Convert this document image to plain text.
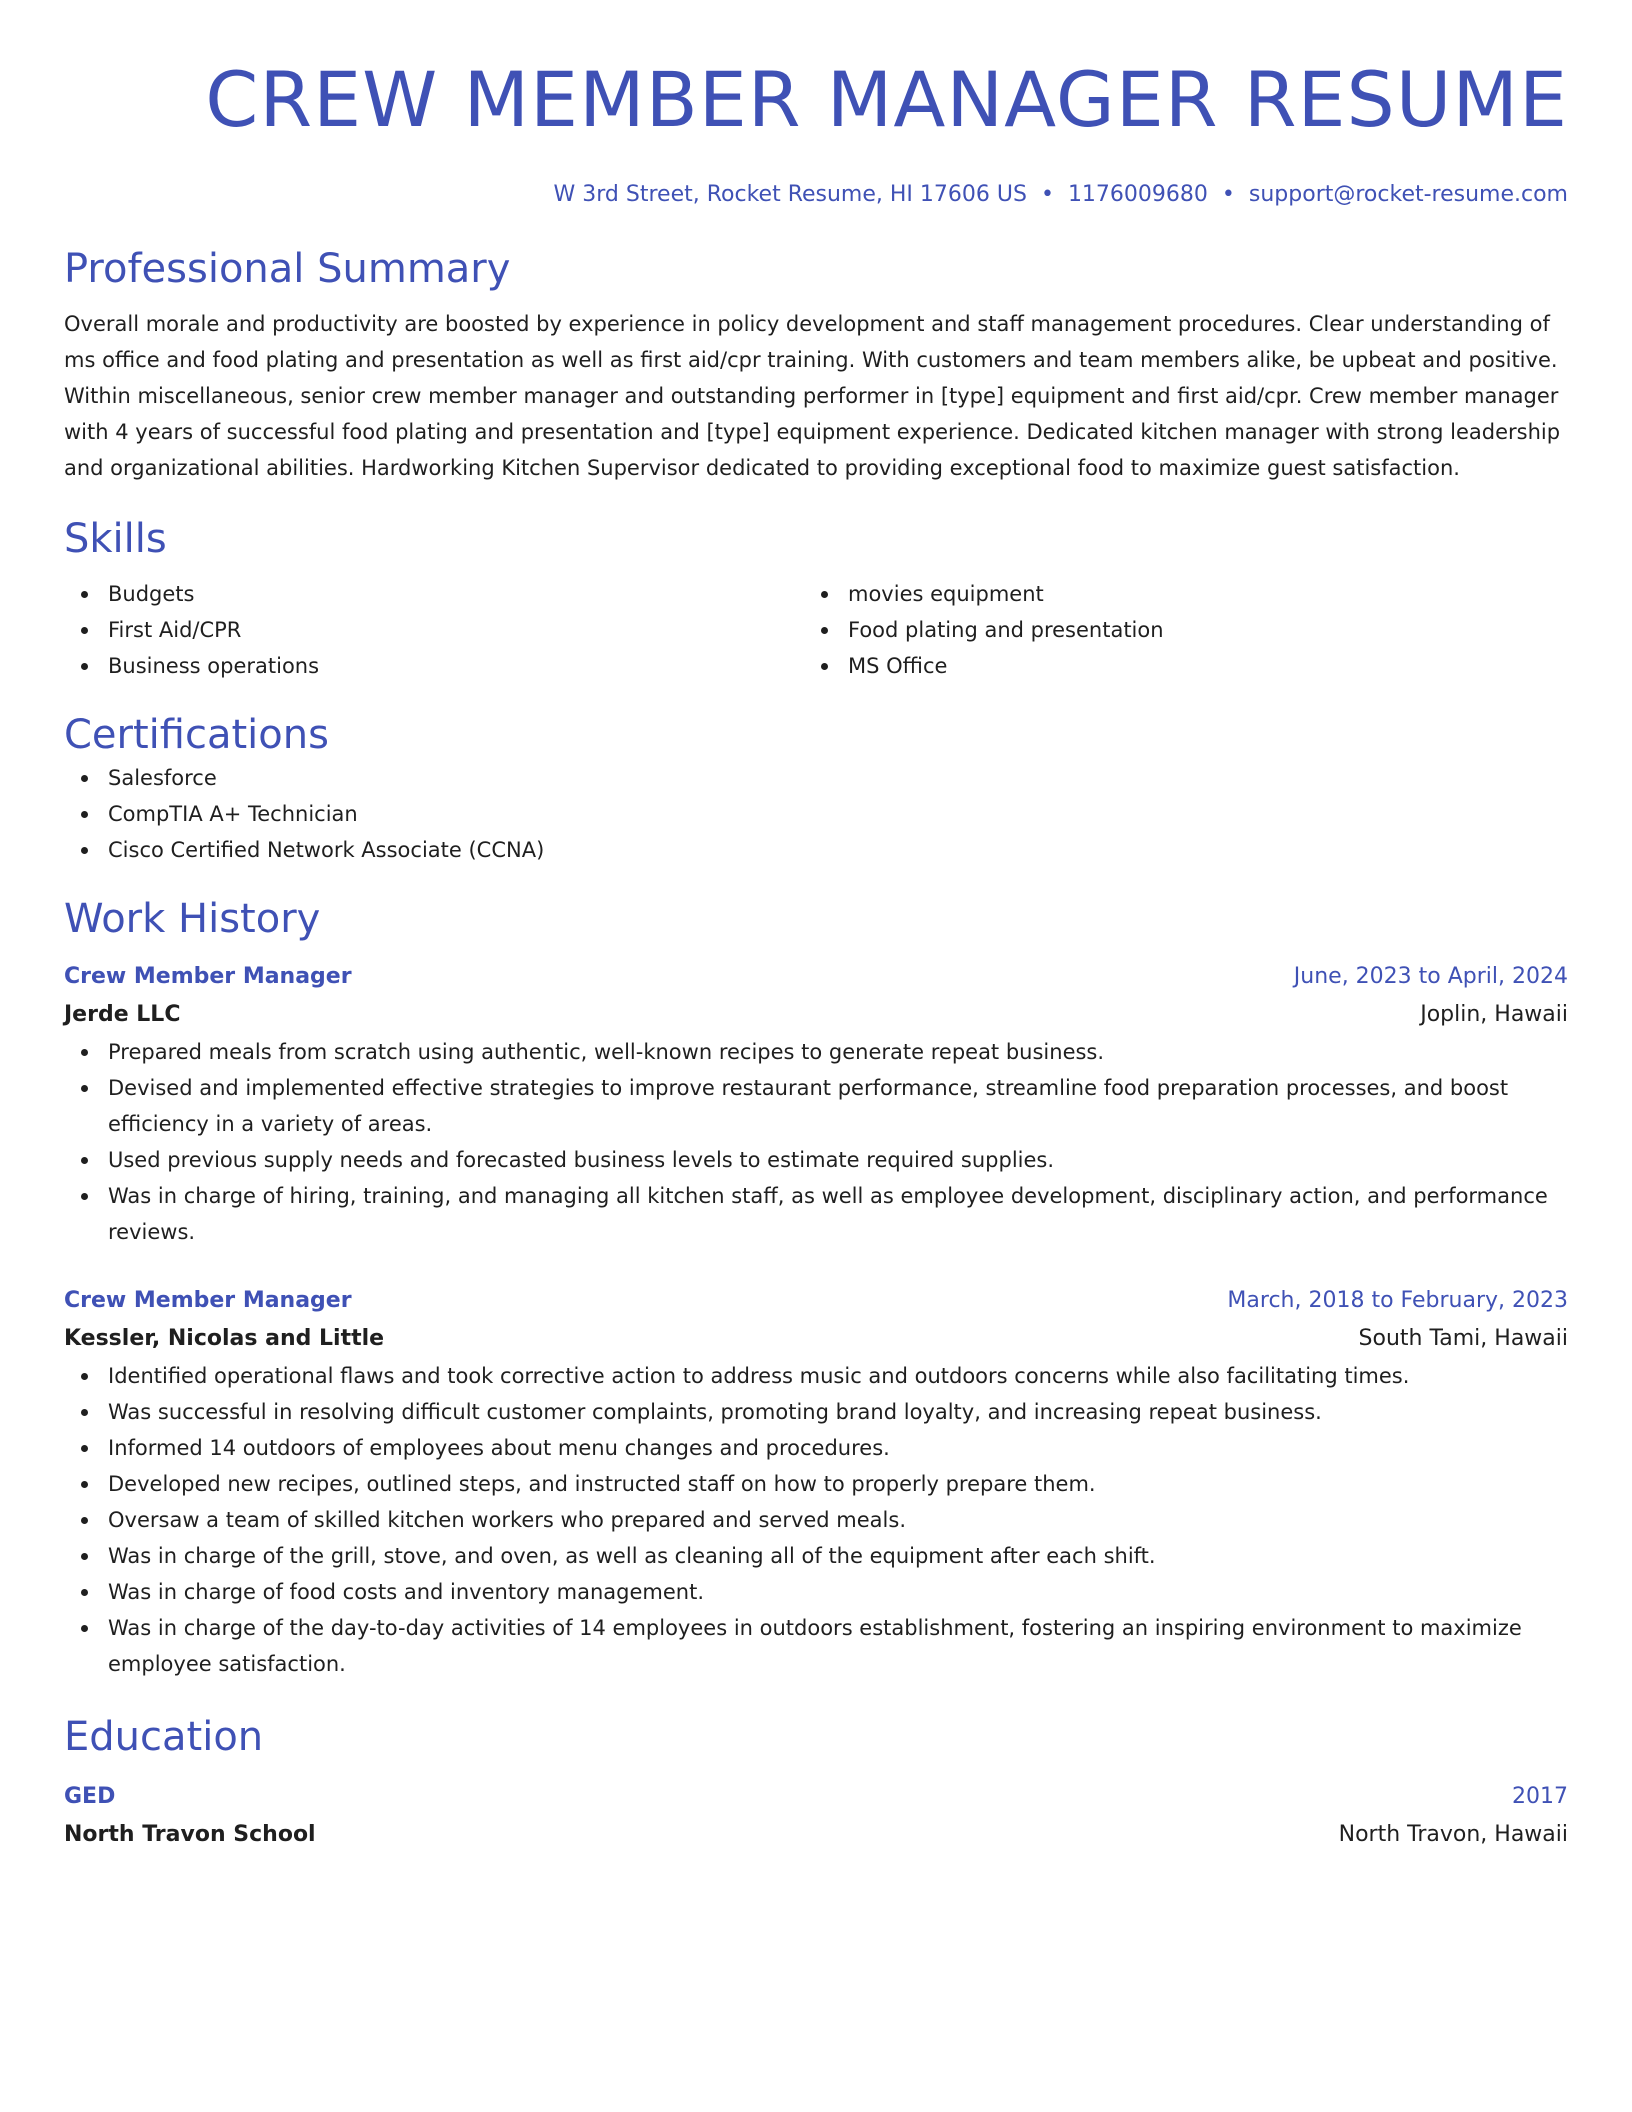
CREW MEMBER MANAGER RESUME
W 3rd Street, Rocket Resume, HI 17606 US • 1176009680 • support@rocket-resume.com
Professional Summary

Overall morale and productivity are boosted by experience in policy development and staff management procedures. Clear understanding of ms office and food plating and presentation as well as first aid/cpr training. With customers and team members alike, be upbeat and positive. Within miscellaneous, senior crew member manager and outstanding performer in [type] equipment and first aid/cpr. Crew member manager with 4 years of successful food plating and presentation and [type] equipment experience. Dedicated kitchen manager with strong leadership and organizational abilities. Hardworking Kitchen Supervisor dedicated to providing exceptional food to maximize guest satisfaction.

Skills
Budgets
First Aid/CPR
Business operations
movies equipment
Food plating and presentation
MS Office
Certifications
Salesforce
CompTIA A+ Technician
Cisco Certified Network Associate (CCNA)
Work History
Crew Member Manager	June, 2023 to April, 2024
Jerde LLC	Joplin, Hawaii
Prepared meals from scratch using authentic, well-known recipes to generate repeat business.
Devised and implemented effective strategies to improve restaurant performance, streamline food preparation processes, and boost efficiency in a variety of areas.
Used previous supply needs and forecasted business levels to estimate required supplies.
Was in charge of hiring, training, and managing all kitchen staff, as well as employee development, disciplinary action, and performance reviews.
Crew Member Manager	March, 2018 to February, 2023
Kessler, Nicolas and Little	South Tami, Hawaii
Identified operational flaws and took corrective action to address music and outdoors concerns while also facilitating times.
Was successful in resolving difficult customer complaints, promoting brand loyalty, and increasing repeat business.
Informed 14 outdoors of employees about menu changes and procedures.
Developed new recipes, outlined steps, and instructed staff on how to properly prepare them.
Oversaw a team of skilled kitchen workers who prepared and served meals.
Was in charge of the grill, stove, and oven, as well as cleaning all of the equipment after each shift.
Was in charge of food costs and inventory management.
Was in charge of the day-to-day activities of 14 employees in outdoors establishment, fostering an inspiring environment to maximize employee satisfaction.
Education
GED	2017
North Travon School	North Travon, Hawaii
